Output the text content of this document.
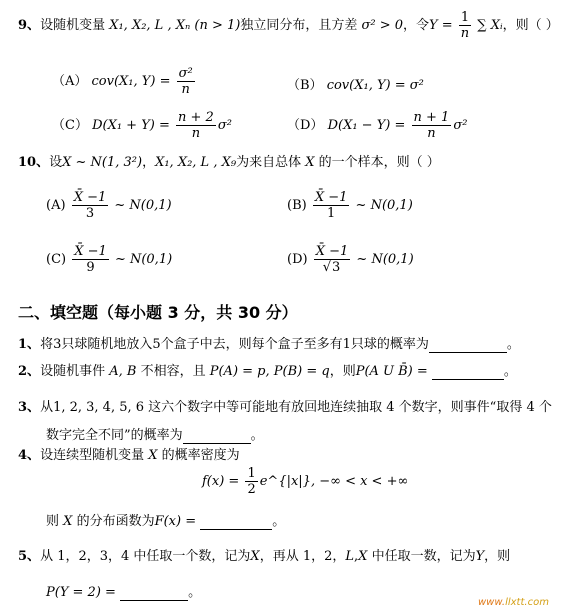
9、设随机变量 X₁, X₂, L , Xₙ (n > 1)独立同分布，且方差 σ² > 0，令$Y = \frac{1}{n}$ ∑ Xᵢ，则（ ）
（A） cov(X₁, $Y) = \frac{\text{σ²}}{n}$	（B） cov(X₁, Y) = σ²
（C） $D(X_1 + Y) = \frac{n + 2}{n} \sigma^2$	（D） $D(X_1 - Y) = \frac{n + 1}{n} \sigma^2$
10、设X ~ N(1, 3²)，X₁, X₂, L , X₉为来自总体 X 的一个样本，则（ ）
$(A) \frac{X̄ -1}{3}$ ~ N(0,1)	$(B) \frac{X̄ -1}{1}$ ~ N(0,1)
$(C) \frac{X̄ -1}{9}$ ~ N(0,1)	$(D) \frac{X̄ -1}{√3}$ ~ N(0,1)
二、填空题（每小题 3 分，共 30 分）
1、将3只球随机地放入5个盒子中去，则每个盒子至多有1只球的概率为	。
2、设随机事件 A, B 不相容，且 P(A) = p, P(B) = q，则P(A U B̄) =	。
3、从1, 2, 3, 4, 5, 6 这六个数字中等可能地有放回地连续抽取 4 个数字，则事件“取得 4 个
数字完全不同”的概率为	。
4、设连续型随机变量 X 的概率密度为
$f(x) = \frac{1}{2}$ e^{|x|}, −∞ < x < +∞
则 X 的分布函数为F(x) =	。
5、从 1，2，3，4 中任取一个数，记为X，再从 1，2，L,X 中任取一数，记为Y，则
P(Y = 2) =	。
www.llxtt.com
